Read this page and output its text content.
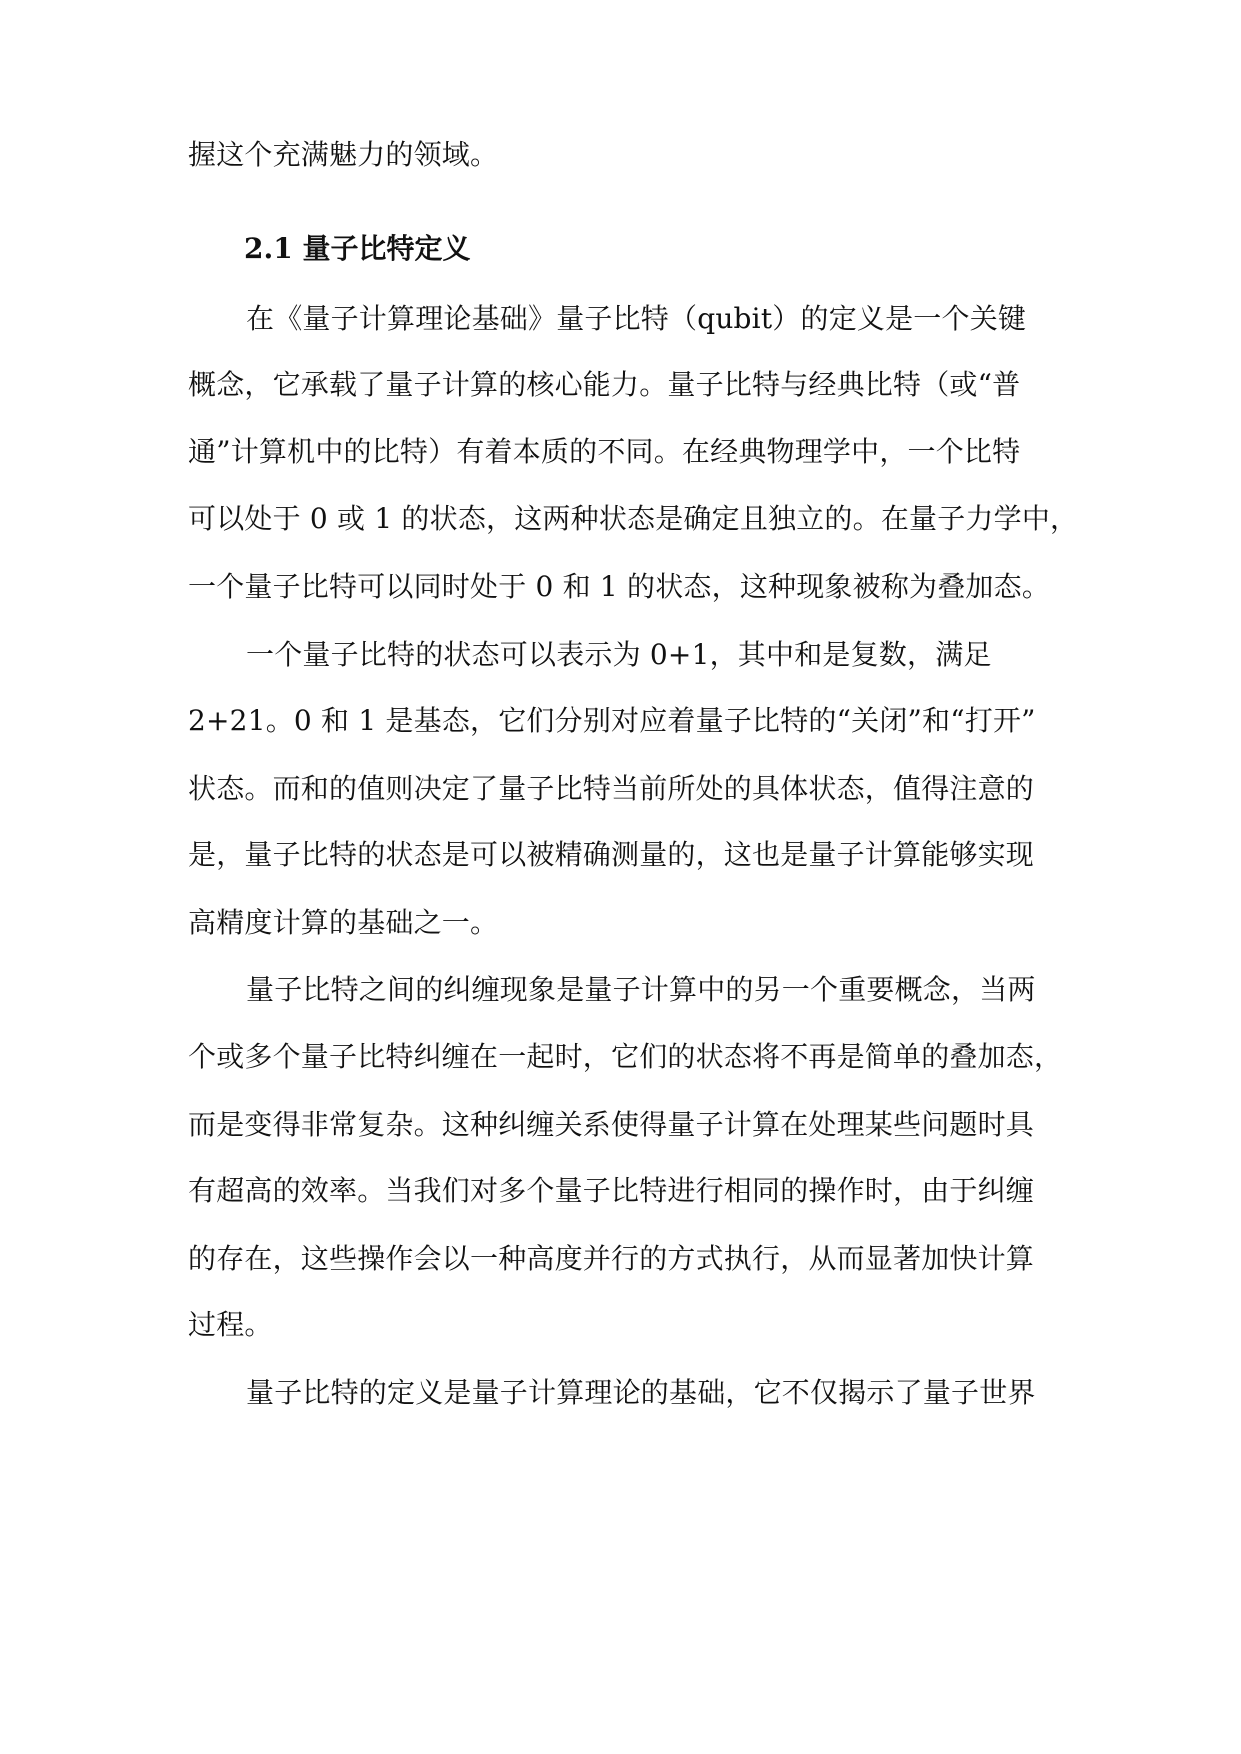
握这个充满魅力的领域。
2.1 量子比特定义
在《量子计算理论基础》量子比特（qubit）的定义是一个关键
概念，它承载了量子计算的核心能力。量子比特与经典比特（或“普
通”计算机中的比特）有着本质的不同。在经典物理学中，一个比特
可以处于 0 或 1 的状态，这两种状态是确定且独立的。在量子力学中，
一个量子比特可以同时处于 0 和 1 的状态，这种现象被称为叠加态。
一个量子比特的状态可以表示为 0+1，其中和是复数，满足
2+21。0 和 1 是基态，它们分别对应着量子比特的“关闭”和“打开”
状态。而和的值则决定了量子比特当前所处的具体状态，值得注意的
是，量子比特的状态是可以被精确测量的，这也是量子计算能够实现
高精度计算的基础之一。
量子比特之间的纠缠现象是量子计算中的另一个重要概念，当两
个或多个量子比特纠缠在一起时，它们的状态将不再是简单的叠加态，
而是变得非常复杂。这种纠缠关系使得量子计算在处理某些问题时具
有超高的效率。当我们对多个量子比特进行相同的操作时，由于纠缠
的存在，这些操作会以一种高度并行的方式执行，从而显著加快计算
过程。
量子比特的定义是量子计算理论的基础，它不仅揭示了量子世界
